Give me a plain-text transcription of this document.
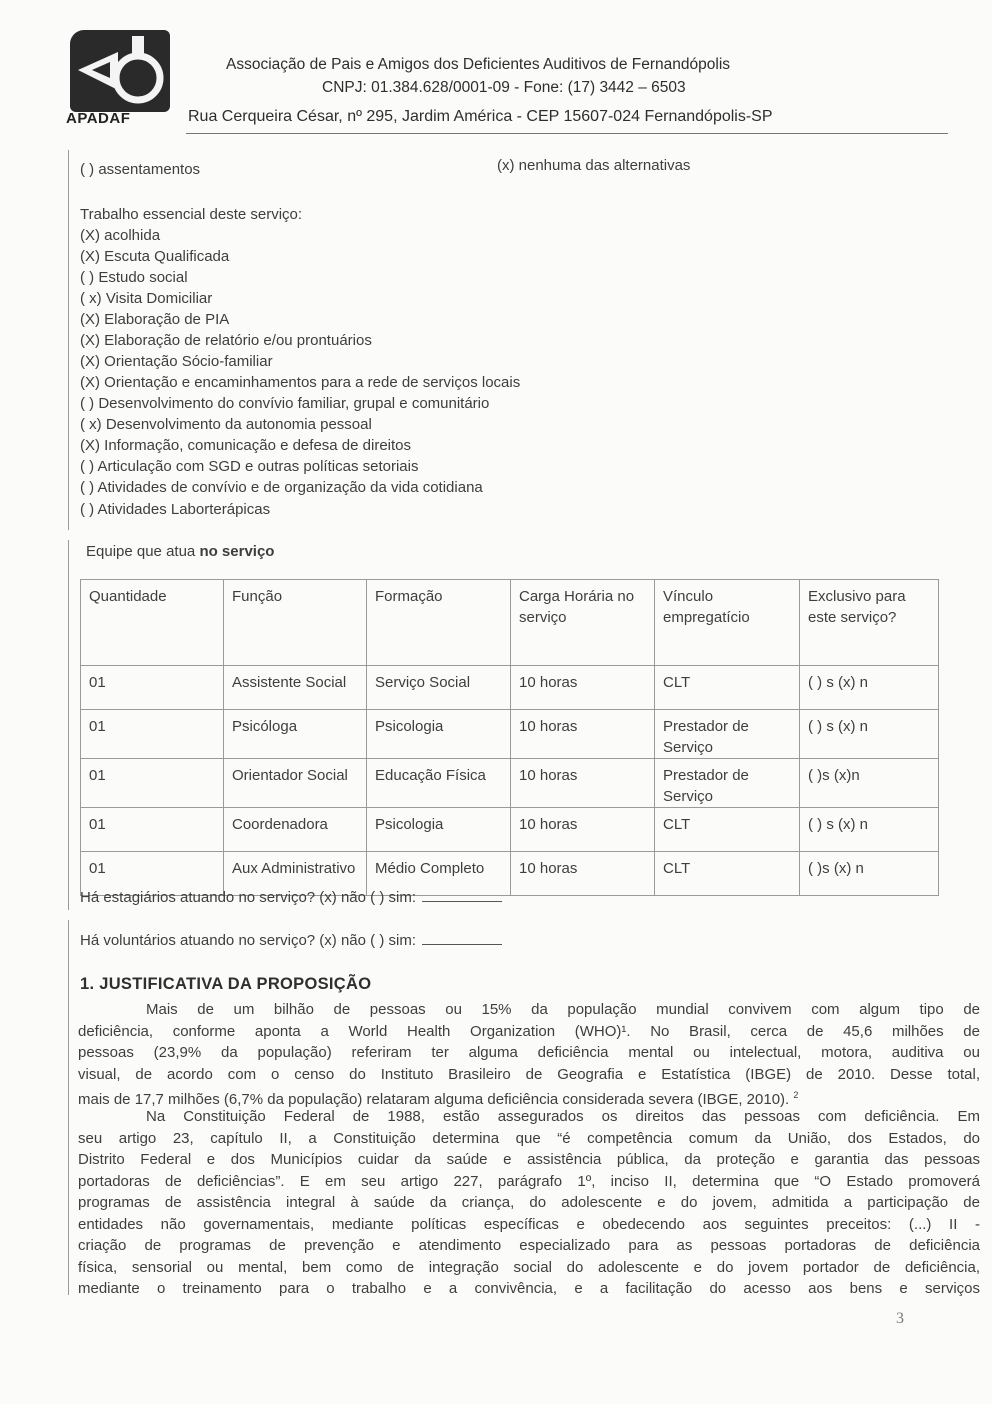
APADAF
Associação de Pais e Amigos dos Deficientes Auditivos de Fernandópolis
CNPJ: 01.384.628/0001-09 - Fone: (17) 3442 – 6503
Rua Cerqueira César, nº 295, Jardim América - CEP 15607-024 Fernandópolis-SP
( ) assentamentos	(x) nenhuma das alternativas
Trabalho essencial deste serviço:
(X) acolhida
(X) Escuta Qualificada
( ) Estudo social
( x) Visita Domiciliar
(X) Elaboração de PIA
(X) Elaboração de relatório e/ou prontuários
(X) Orientação Sócio-familiar
(X) Orientação e encaminhamentos para a rede de serviços locais
( ) Desenvolvimento do convívio familiar, grupal e comunitário
( x) Desenvolvimento da autonomia pessoal
(X) Informação, comunicação e defesa de direitos
( ) Articulação com SGD e outras políticas setoriais
( ) Atividades de convívio e de organização da vida cotidiana
( ) Atividades Laborterápicas
Equipe que atua no serviço
Quantidade	Função	Formação	Carga Horária no serviço	Vínculo empregatício	Exclusivo para este serviço?
01	Assistente Social	Serviço Social	10 horas	CLT	( ) s (x) n
01	Psicóloga	Psicologia	10 horas	Prestador de Serviço	( ) s (x) n
01	Orientador Social	Educação Física	10 horas	Prestador de Serviço	( )s (x)n
01	Coordenadora	Psicologia	10 horas	CLT	( ) s (x) n
01	Aux Administrativo	Médio Completo	10 horas	CLT	( )s (x) n
Há estagiários atuando no serviço? (x) não ( ) sim:
Há voluntários atuando no serviço? (x) não ( ) sim:
1. JUSTIFICATIVA DA PROPOSIÇÃO
Mais de um bilhão de pessoas ou 15% da população mundial convivem com algum tipo de
deficiência, conforme aponta a World Health Organization (WHO)¹. No Brasil, cerca de 45,6 milhões de
pessoas (23,9% da população) referiram ter alguma deficiência mental ou intelectual, motora, auditiva ou
visual, de acordo com o censo do Instituto Brasileiro de Geografia e Estatística (IBGE) de 2010. Desse total,
mais de 17,7 milhões (6,7% da população) relataram alguma deficiência considerada severa (IBGE, 2010). $^2$
Na Constituição Federal de 1988, estão assegurados os direitos das pessoas com deficiência. Em
seu artigo 23, capítulo II, a Constituição determina que “é competência comum da União, dos Estados, do
Distrito Federal e dos Municípios cuidar da saúde e assistência pública, da proteção e garantia das pessoas
portadoras de deficiências”. E em seu artigo 227, parágrafo 1º, inciso II, determina que “O Estado promoverá
programas de assistência integral à saúde da criança, do adolescente e do jovem, admitida a participação de
entidades não governamentais, mediante políticas específicas e obedecendo aos seguintes preceitos: (...) II -
criação de programas de prevenção e atendimento especializado para as pessoas portadoras de deficiência
física, sensorial ou mental, bem como de integração social do adolescente e do jovem portador de deficiência,
mediante o treinamento para o trabalho e a convivência, e a facilitação do acesso aos bens e serviços
3
